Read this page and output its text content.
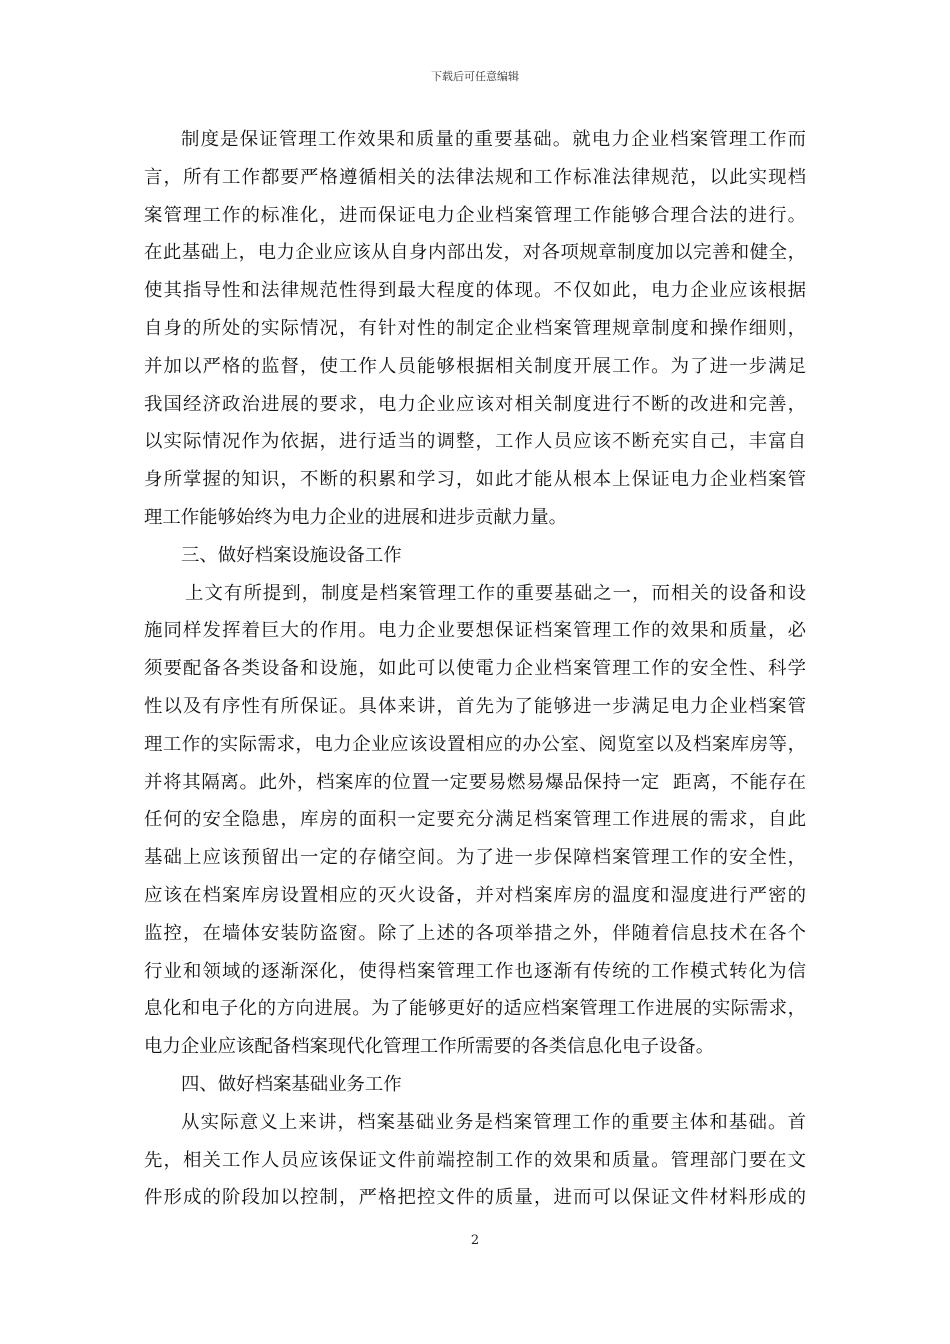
下载后可任意编辑
制度是保证管理工作效果和质量的重要基础。就电力企业档案管理工作而
言，所有工作都要严格遵循相关的法律法规和工作标准法律规范，以此实现档
案管理工作的标准化，进而保证电力企业档案管理工作能够合理合法的进行。
在此基础上，电力企业应该从自身内部出发，对各项规章制度加以完善和健全，
使其指导性和法律规范性得到最大程度的体现。不仅如此，电力企业应该根据
自身的所处的实际情况，有针对性的制定企业档案管理规章制度和操作细则，
并加以严格的监督，使工作人员能够根据相关制度开展工作。为了进一步满足
我国经济政治进展的要求，电力企业应该对相关制度进行不断的改进和完善，
以实际情况作为依据，进行适当的调整，工作人员应该不断充实自己，丰富自
身所掌握的知识，不断的积累和学习，如此才能从根本上保证电力企业档案管
理工作能够始终为电力企业的进展和进步贡献力量。
三、做好档案设施设备工作
上文有所提到，制度是档案管理工作的重要基础之一，而相关的设备和设
施同样发挥着巨大的作用。电力企业要想保证档案管理工作的效果和质量，必
须要配备各类设备和设施，如此可以使電力企业档案管理工作的安全性、科学
性以及有序性有所保证。具体来讲，首先为了能够进一步满足电力企业档案管
理工作的实际需求，电力企业应该设置相应的办公室、阅览室以及档案库房等，
并将其隔离。此外，档案库的位置一定要易燃易爆品保持一定  距离，不能存在
任何的安全隐患，库房的面积一定要充分满足档案管理工作进展的需求，自此
基础上应该预留出一定的存储空间。为了进一步保障档案管理工作的安全性，
应该在档案库房设置相应的灭火设备，并对档案库房的温度和湿度进行严密的
监控，在墙体安装防盗窗。除了上述的各项举措之外，伴随着信息技术在各个
行业和领域的逐渐深化，使得档案管理工作也逐渐有传统的工作模式转化为信
息化和电子化的方向进展。为了能够更好的适应档案管理工作进展的实际需求，
电力企业应该配备档案现代化管理工作所需要的各类信息化电子设备。
四、做好档案基础业务工作
从实际意义上来讲，档案基础业务是档案管理工作的重要主体和基础。首
先，相关工作人员应该保证文件前端控制工作的效果和质量。管理部门要在文
件形成的阶段加以控制，严格把控文件的质量，进而可以保证文件材料形成的
2
